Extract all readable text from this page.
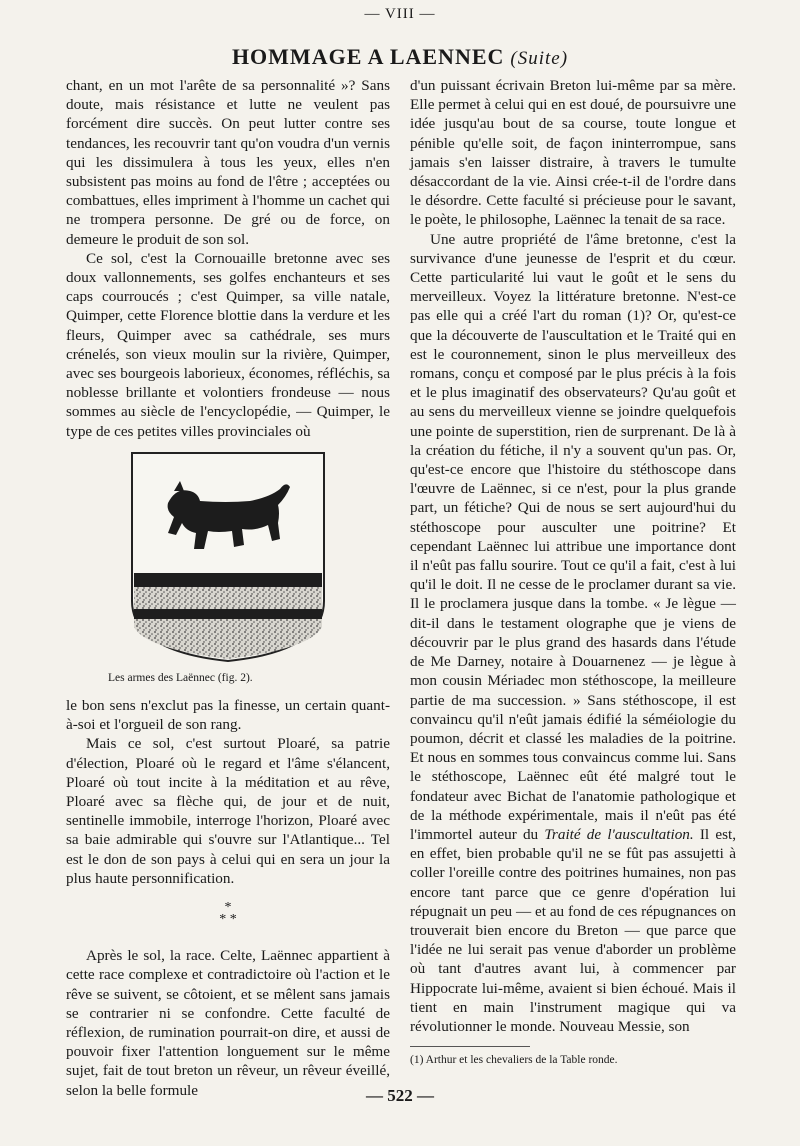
— VIII —
HOMMAGE A LAENNEC (Suite)

chant, en un mot l'arête de sa personnalité »? Sans doute, mais résistance et lutte ne veulent pas forcément dire succès. On peut lutter contre ses tendances, les recouvrir tant qu'on voudra d'un vernis qui les dissimulera à tous les yeux, elles n'en subsistent pas moins au fond de l'être ; acceptées ou combattues, elles impriment à l'homme un cachet qui ne trompera personne. De gré ou de force, on demeure le produit de son sol.

Ce sol, c'est la Cornouaille bretonne avec ses doux vallonnements, ses golfes enchanteurs et ses caps courroucés ; c'est Quimper, sa ville natale, Quimper, cette Florence blottie dans la verdure et les fleurs, Quimper avec sa cathédrale, ses murs crénelés, son vieux moulin sur la rivière, Quimper, avec ses bourgeois laborieux, économes, réfléchis, sa noblesse brillante et volontiers frondeuse — nous sommes au siècle de l'encyclopédie, — Quimper, le type de ces petites villes provinciales où

Les armes des Laënnec (fig. 2).

le bon sens n'exclut pas la finesse, un certain quant-à-soi et l'orgueil de son rang.

Mais ce sol, c'est surtout Ploaré, sa patrie d'élection, Ploaré où le regard et l'âme s'élancent, Ploaré où tout incite à la méditation et au rêve, Ploaré avec sa flèche qui, de jour et de nuit, sentinelle immobile, interroge l'horizon, Ploaré avec sa baie admirable qui s'ouvre sur l'Atlantique... Tel est le don de son pays à celui qui en sera un jour la plus haute personnification.

*
* *

Après le sol, la race. Celte, Laënnec appartient à cette race complexe et contradictoire où l'action et le rêve se suivent, se côtoient, et se mêlent sans jamais se contrarier ni se confondre. Cette faculté de réflexion, de rumination pourrait-on dire, et aussi de pouvoir fixer l'attention longuement sur le même sujet, fait de tout breton un rêveur, un rêveur éveillé, selon la belle formule

d'un puissant écrivain Breton lui-même par sa mère. Elle permet à celui qui en est doué, de poursuivre une idée jusqu'au bout de sa course, toute longue et pénible qu'elle soit, de façon ininterrompue, sans jamais s'en laisser distraire, à travers le tumulte désaccordant de la vie. Ainsi crée-t-il de l'ordre dans le désordre. Cette faculté si précieuse pour le savant, le poète, le philosophe, Laënnec la tenait de sa race.

Une autre propriété de l'âme bretonne, c'est la survivance d'une jeunesse de l'esprit et du cœur. Cette particularité lui vaut le goût et le sens du merveilleux. Voyez la littérature bretonne. N'est-ce pas elle qui a créé l'art du roman (1)? Or, qu'est-ce que la découverte de l'auscultation et le Traité qui en est le couronnement, sinon le plus merveilleux des romans, conçu et composé par le plus précis à la fois et le plus imaginatif des observateurs? Qu'au goût et au sens du merveilleux vienne se joindre quelquefois une pointe de superstition, rien de surprenant. De là à la création du fétiche, il n'y a souvent qu'un pas. Or, qu'est-ce encore que l'histoire du stéthoscope dans l'œuvre de Laënnec, si ce n'est, pour la plus grande part, un fétiche? Qui de nous se sert aujourd'hui du stéthoscope pour ausculter une poitrine? Et cependant Laënnec lui attribue une importance dont il n'eût pas fallu sourire. Tout ce qu'il a fait, c'est à lui qu'il le doit. Il ne cesse de le proclamer durant sa vie. Il le proclamera jusque dans la tombe. « Je lègue — dit-il dans le testament olographe que je viens de découvrir par le plus grand des hasards dans l'étude de Me Darney, notaire à Douarnenez — je lègue à mon cousin Mériadec mon stéthoscope, la meilleure partie de ma succession. » Sans stéthoscope, il est convaincu qu'il n'eût jamais édifié la séméiologie du poumon, décrit et classé les maladies de la poitrine. Et nous en sommes tous convaincus comme lui. Sans le stéthoscope, Laënnec eût été malgré tout le fondateur avec Bichat de l'anatomie pathologique et de la méthode expérimentale, mais il n'eût pas été l'immortel auteur du Traité de l'auscultation. Il est, en effet, bien probable qu'il ne se fût pas assujetti à coller l'oreille contre des poitrines humaines, non pas encore tant parce que ce genre d'opération lui répugnait un peu — et au fond de ces répugnances on trouverait bien encore du Breton — que parce que l'idée ne lui serait pas venue d'aborder un problème où tant d'autres avant lui, à commencer par Hippocrate lui-même, avaient si bien échoué. Mais il tient en main l'instrument magique qui va révolutionner le monde. Nouveau Messie, son

(1) Arthur et les chevaliers de la Table ronde.
— 522 —
